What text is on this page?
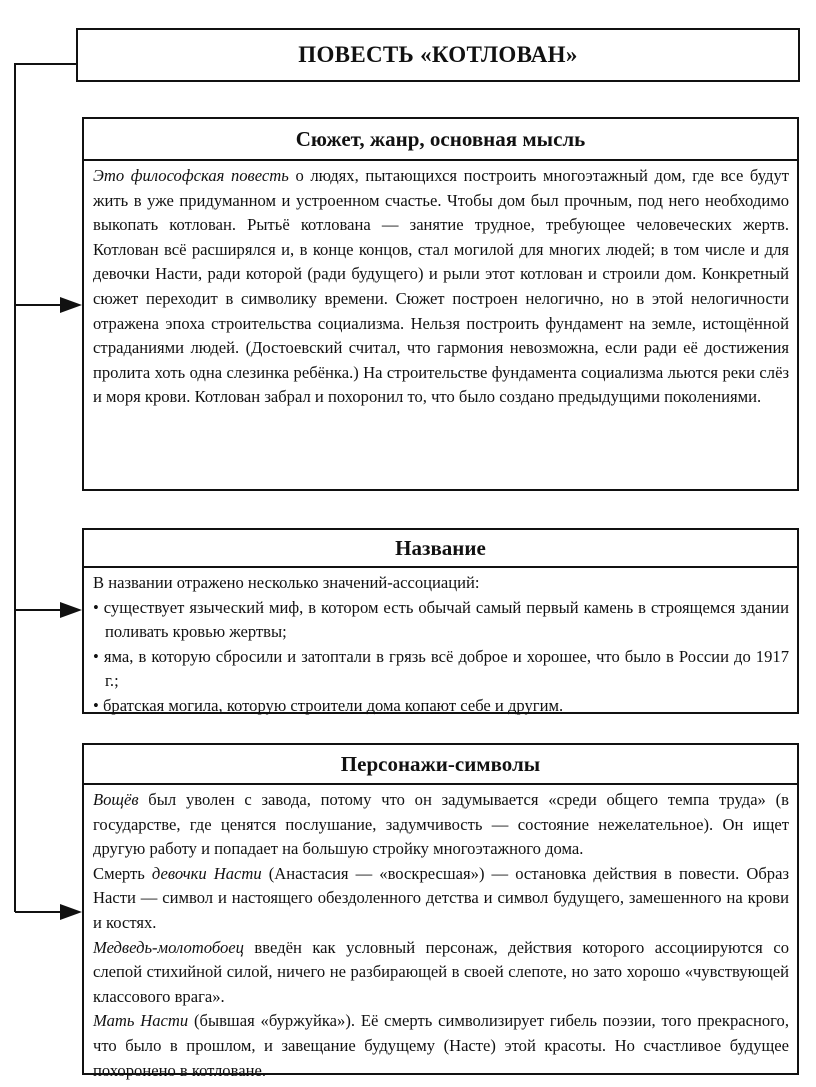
ПОВЕСТЬ «КОТЛОВАН»
Сюжет, жанр, основная мысль

Это философская повесть о людях, пытающихся построить многоэтажный дом, где все будут жить в уже придуманном и устроенном счастье. Чтобы дом был прочным, под него необходимо выкопать котлован. Рытьё котлована — занятие трудное, требующее человеческих жертв. Котлован всё расширялся и, в конце концов, стал могилой для многих людей; в том числе и для девочки Насти, ради которой (ради будущего) и рыли этот котлован и строили дом. Конкретный сюжет переходит в символику времени. Сюжет построен нелогично, но в этой нелогичности отражена эпоха строительства социализма. Нельзя построить фундамент на земле, истощённой страданиями людей. (Достоевский считал, что гармония невозможна, если ради её достижения пролита хоть одна слезинка ребёнка.) На строительстве фундамента социализма льются реки слёз и моря крови. Котлован забрал и похоронил то, что было создано предыдущими поколениями.

Название

В названии отражено несколько значений-ассоциаций:

• существует языческий миф, в котором есть обычай самый первый камень в строящемся здании поливать кровью жертвы;

• яма, в которую сбросили и затоптали в грязь всё доброе и хорошее, что было в России до 1917 г.;

• братская могила, которую строители дома копают себе и другим.

Персонажи-символы

Вощёв был уволен с завода, потому что он задумывается «среди общего темпа труда» (в государстве, где ценятся послушание, задумчивость — состояние нежелательное). Он ищет другую работу и попадает на большую стройку многоэтажного дома.

Смерть девочки Насти (Анастасия — «воскресшая») — остановка действия в повести. Образ Насти — символ и настоящего обездоленного детства и символ будущего, замешенного на крови и костях.

Медведь-молотобоец введён как условный персонаж, действия которого ассоциируются со слепой стихийной силой, ничего не разбирающей в своей слепоте, но зато хорошо «чувствующей классового врага».

Мать Насти (бывшая «буржуйка»). Её смерть символизирует гибель поэзии, того прекрасного, что было в прошлом, и завещание будущему (Насте) этой красоты. Но счастливое будущее похоронено в котловане.
